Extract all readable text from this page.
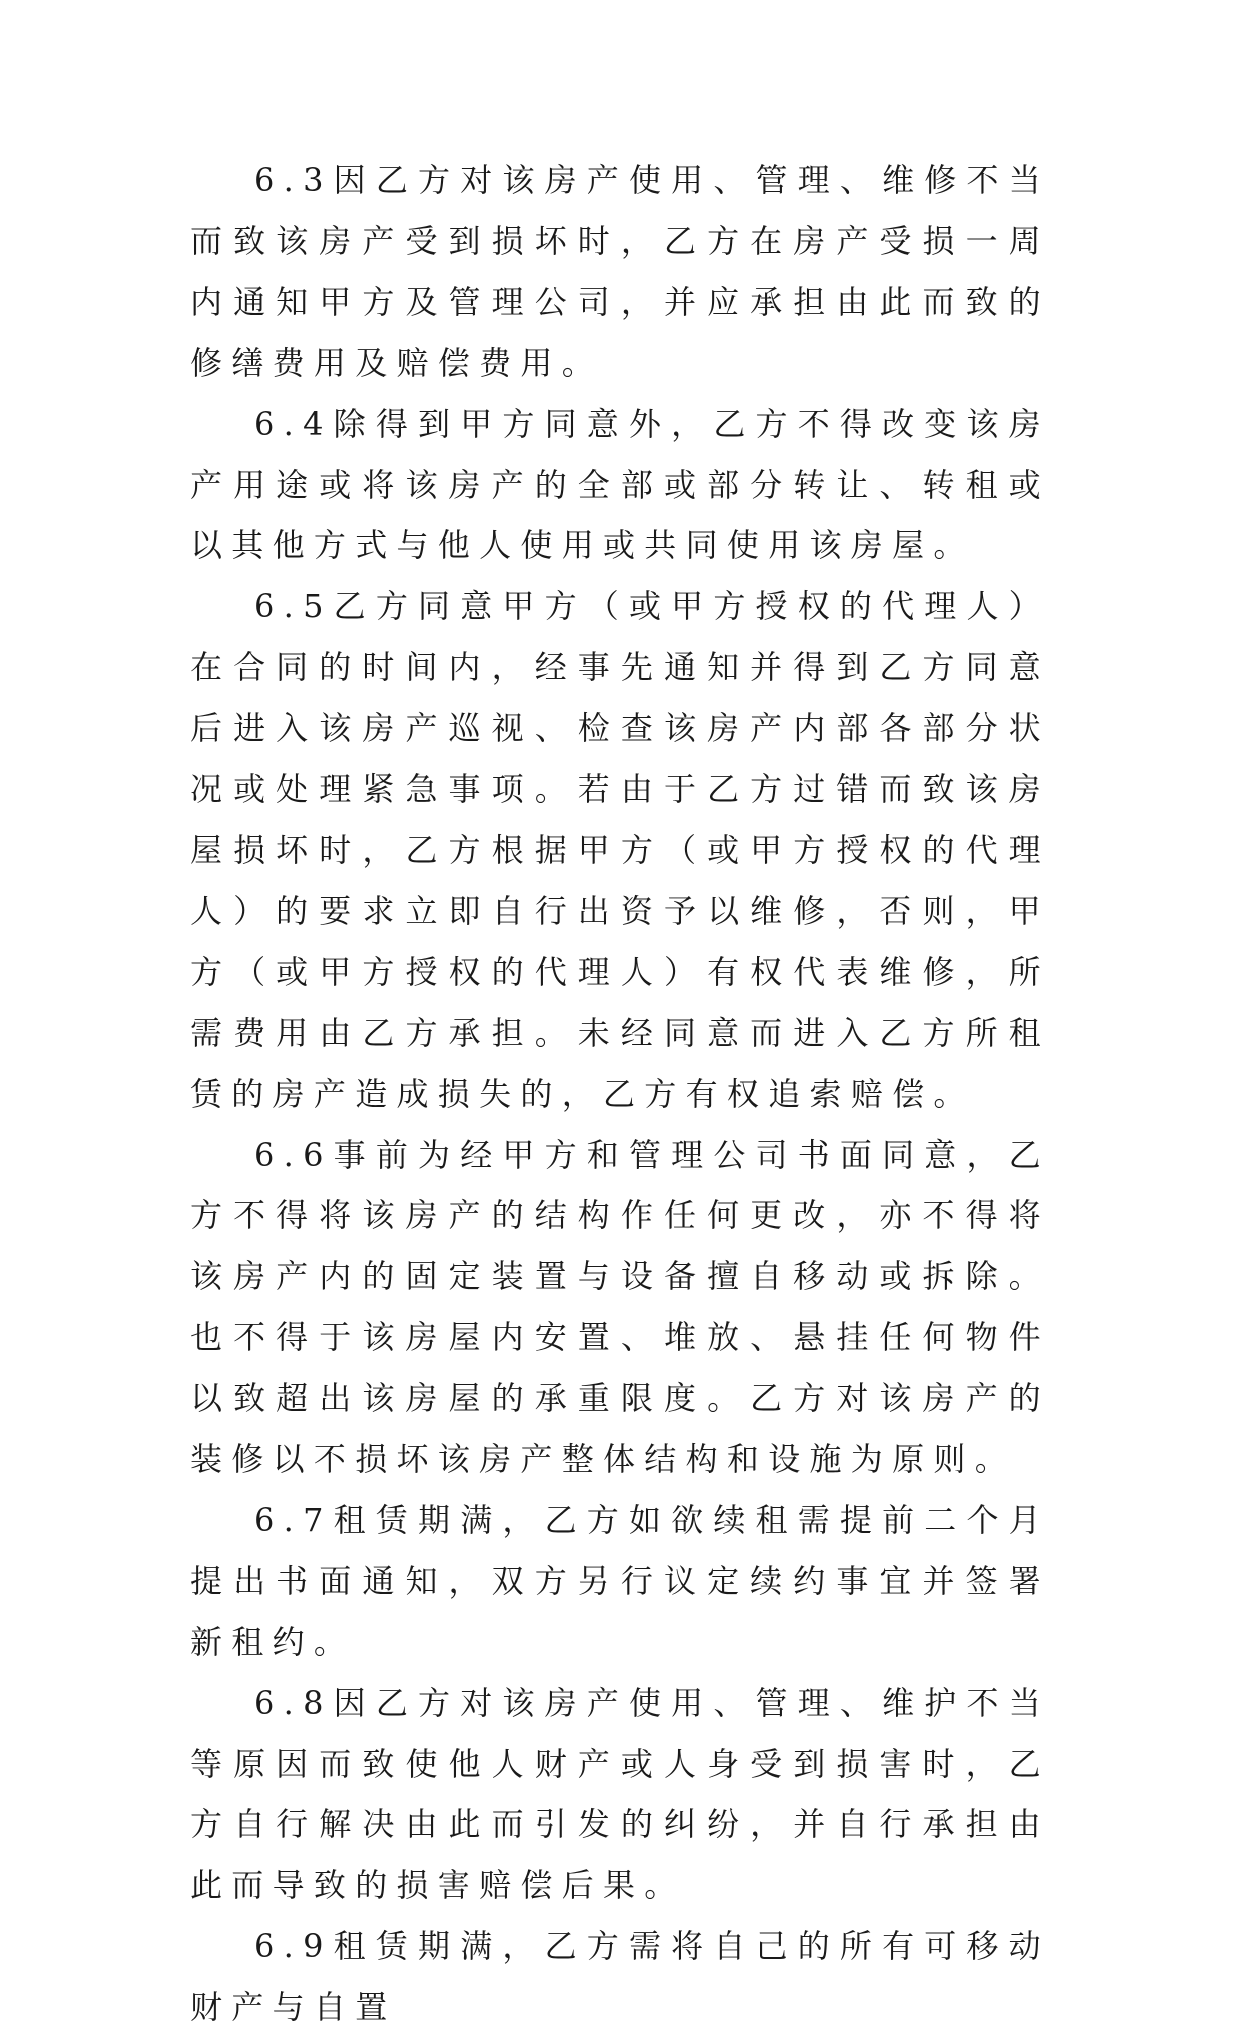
6.3因乙方对该房产使用、管理、维修不当而致该房产受到损坏时，乙方在房产受损一周内通知甲方及管理公司，并应承担由此而致的修缮费用及赔偿费用。

6.4除得到甲方同意外，乙方不得改变该房产用途或将该房产的全部或部分转让、转租或以其他方式与他人使用或共同使用该房屋。

6.5乙方同意甲方（或甲方授权的代理人）在合同的时间内，经事先通知并得到乙方同意后进入该房产巡视、检查该房产内部各部分状况或处理紧急事项。若由于乙方过错而致该房屋损坏时，乙方根据甲方（或甲方授权的代理人）的要求立即自行出资予以维修，否则，甲方（或甲方授权的代理人）有权代表维修，所需费用由乙方承担。未经同意而进入乙方所租赁的房产造成损失的，乙方有权追索赔偿。

6.6事前为经甲方和管理公司书面同意，乙方不得将该房产的结构作任何更改，亦不得将该房产内的固定装置与设备擅自移动或拆除。也不得于该房屋内安置、堆放、悬挂任何物件以致超出该房屋的承重限度。乙方对该房产的装修以不损坏该房产整体结构和设施为原则。

6.7租赁期满，乙方如欲续租需提前二个月提出书面通知，双方另行议定续约事宜并签署新租约。

6.8因乙方对该房产使用、管理、维护不当等原因而致使他人财产或人身受到损害时，乙方自行解决由此而引发的纠纷，并自行承担由此而导致的损害赔偿后果。

6.9租赁期满，乙方需将自己的所有可移动财产与自置
